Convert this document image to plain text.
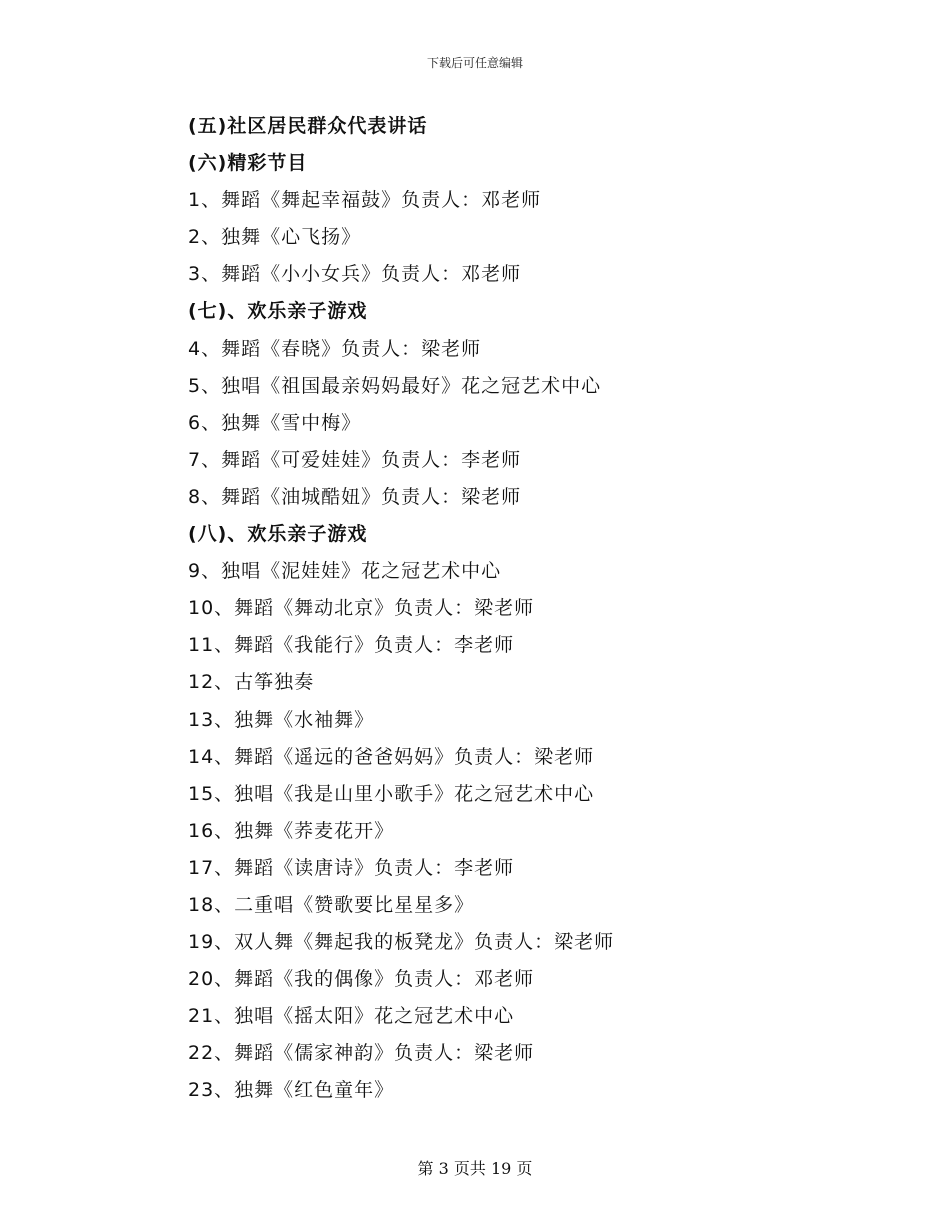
下载后可任意编辑
(五)社区居民群众代表讲话
(六)精彩节目
1、舞蹈《舞起幸福鼓》负责人：邓老师
2、独舞《心飞扬》
3、舞蹈《小小女兵》负责人：邓老师
(七)、欢乐亲子游戏
4、舞蹈《春晓》负责人：梁老师
5、独唱《祖国最亲妈妈最好》花之冠艺术中心
6、独舞《雪中梅》
7、舞蹈《可爱娃娃》负责人：李老师
8、舞蹈《油城酷妞》负责人：梁老师
(八)、欢乐亲子游戏
9、独唱《泥娃娃》花之冠艺术中心
10、舞蹈《舞动北京》负责人：梁老师
11、舞蹈《我能行》负责人：李老师
12、古筝独奏
13、独舞《水袖舞》
14、舞蹈《遥远的爸爸妈妈》负责人：梁老师
15、独唱《我是山里小歌手》花之冠艺术中心
16、独舞《荞麦花开》
17、舞蹈《读唐诗》负责人：李老师
18、二重唱《赞歌要比星星多》
19、双人舞《舞起我的板凳龙》负责人：梁老师
20、舞蹈《我的偶像》负责人：邓老师
21、独唱《摇太阳》花之冠艺术中心
22、舞蹈《儒家神韵》负责人：梁老师
23、独舞《红色童年》
第 3 页共 19 页
